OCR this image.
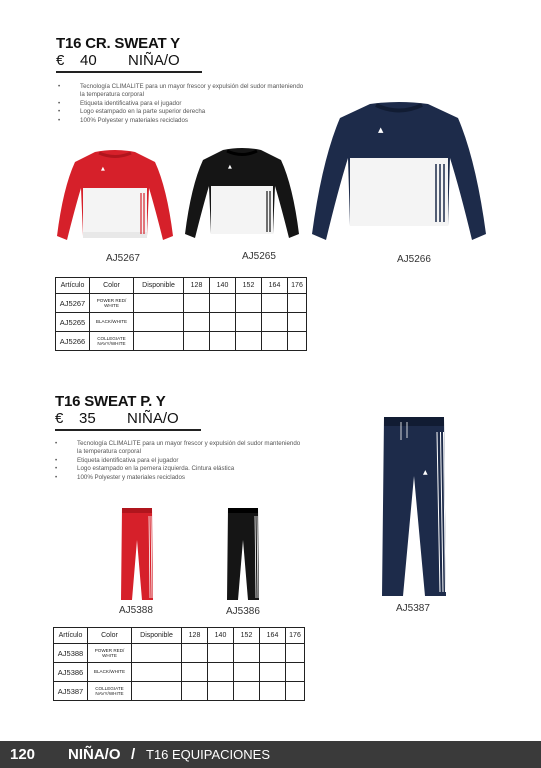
T16 CR. SWEAT Y
€ 40 NIÑA/O
• Tecnología CLIMALITE para un mayor frescor y expulsión del sudor manteniendo
la temperatura corporal
• Etiqueta identificativa para el jugador
• Logo estampado en la parte superior derecha
• 100% Polyester y materiales reciclados
▲	▲
▲
AJ5267	AJ5265	AJ5266
Artículo	Color	Disponible	128	140	152	164	176
AJ5267	POWER RED/ WHITE						
AJ5265	BLACK/WHITE						
AJ5266	COLLEGIATE NAVY/WHITE						
T16 SWEAT P. Y
€ 35 NIÑA/O
• Tecnología CLIMALITE para un mayor frescor y expulsión del sudor manteniendo
la temperatura corporal
• Etiqueta identificativa para el jugador
• Logo estampado en la pernera izquierda. Cintura elástica
• 100% Polyester y materiales reciclados
▲
AJ5388	AJ5386	AJ5387
Artículo	Color	Disponible	128	140	152	164	176
AJ5388	POWER RED/ WHITE						
AJ5386	BLACK/WHITE						
AJ5387	COLLEGIATE NAVY/WHITE						
120 NIÑA/O / T16 EQUIPACIONES
